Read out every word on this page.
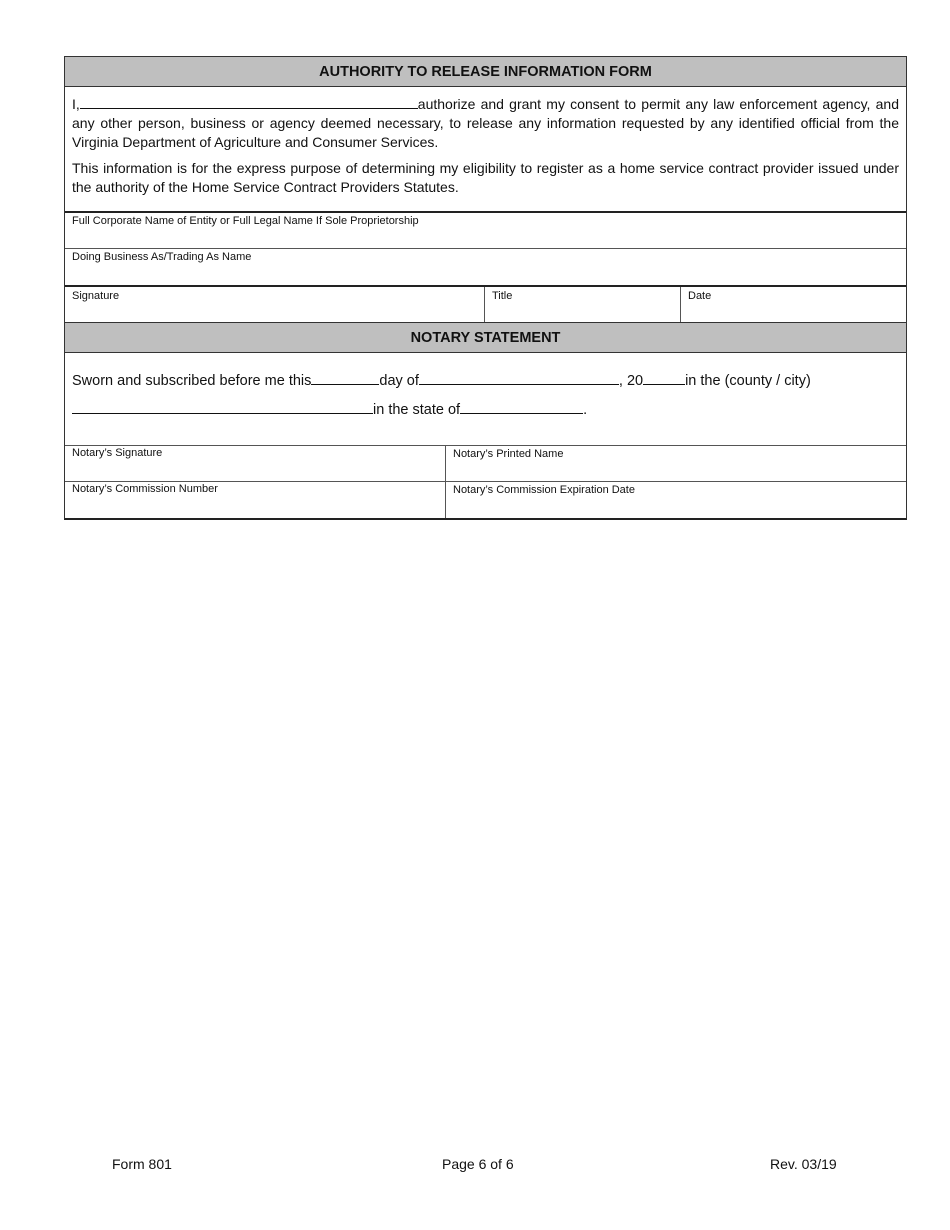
AUTHORITY TO RELEASE INFORMATION FORM

I,	authorize and grant my consent to permit any law enforcement agency, and any other person, business or agency deemed necessary, to release any information requested by any identified official from the Virginia Department of Agriculture and Consumer Services.

This information is for the express purpose of determining my eligibility to register as a home service contract provider issued under the authority of the Home Service Contract Providers Statutes.

Full Corporate Name of Entity or Full Legal Name If Sole Proprietorship
Doing Business As/Trading As Name
Signature	Title	Date
NOTARY STATEMENT
Sworn and subscribed before me this	day of	, 20	in the (county / city)
in the state of	.
Notary’s Signature	Notary’s Printed Name
Notary’s Commission Number	Notary’s Commission Expiration Date
Form 801	Page 6 of 6	Rev. 03/19
